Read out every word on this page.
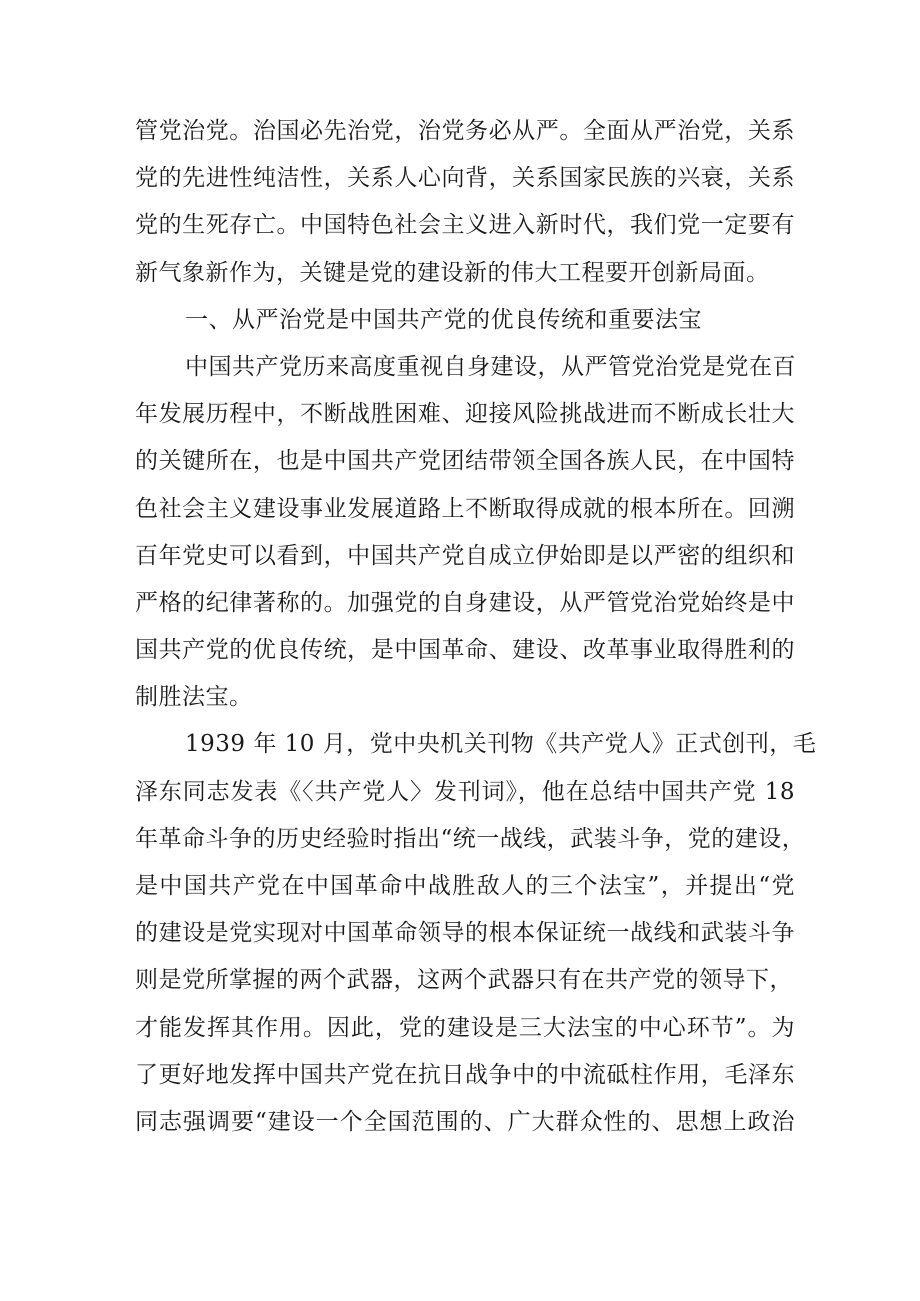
管党治党。治国必先治党，治党务必从严。全面从严治党，关系
党的先进性纯洁性，关系人心向背，关系国家民族的兴衰，关系
党的生死存亡。中国特色社会主义进入新时代，我们党一定要有
新气象新作为，关键是党的建设新的伟大工程要开创新局面。
一、从严治党是中国共产党的优良传统和重要法宝
中国共产党历来高度重视自身建设，从严管党治党是党在百
年发展历程中，不断战胜困难、迎接风险挑战进而不断成长壮大
的关键所在，也是中国共产党团结带领全国各族人民，在中国特
色社会主义建设事业发展道路上不断取得成就的根本所在。回溯
百年党史可以看到，中国共产党自成立伊始即是以严密的组织和
严格的纪律著称的。加强党的自身建设，从严管党治党始终是中
国共产党的优良传统，是中国革命、建设、改革事业取得胜利的
制胜法宝。
1939 年 10 月，党中央机关刊物《共产党人》正式创刊，毛
泽东同志发表《〈共产党人〉发刊词》，他在总结中国共产党 18
年革命斗争的历史经验时指出“统一战线，武装斗争，党的建设，
是中国共产党在中国革命中战胜敌人的三个法宝”，并提出“党
的建设是党实现对中国革命领导的根本保证统一战线和武装斗争
则是党所掌握的两个武器，这两个武器只有在共产党的领导下，
才能发挥其作用。因此，党的建设是三大法宝的中心环节”。为
了更好地发挥中国共产党在抗日战争中的中流砥柱作用，毛泽东
同志强调要“建设一个全国范围的、广大群众性的、思想上政治
